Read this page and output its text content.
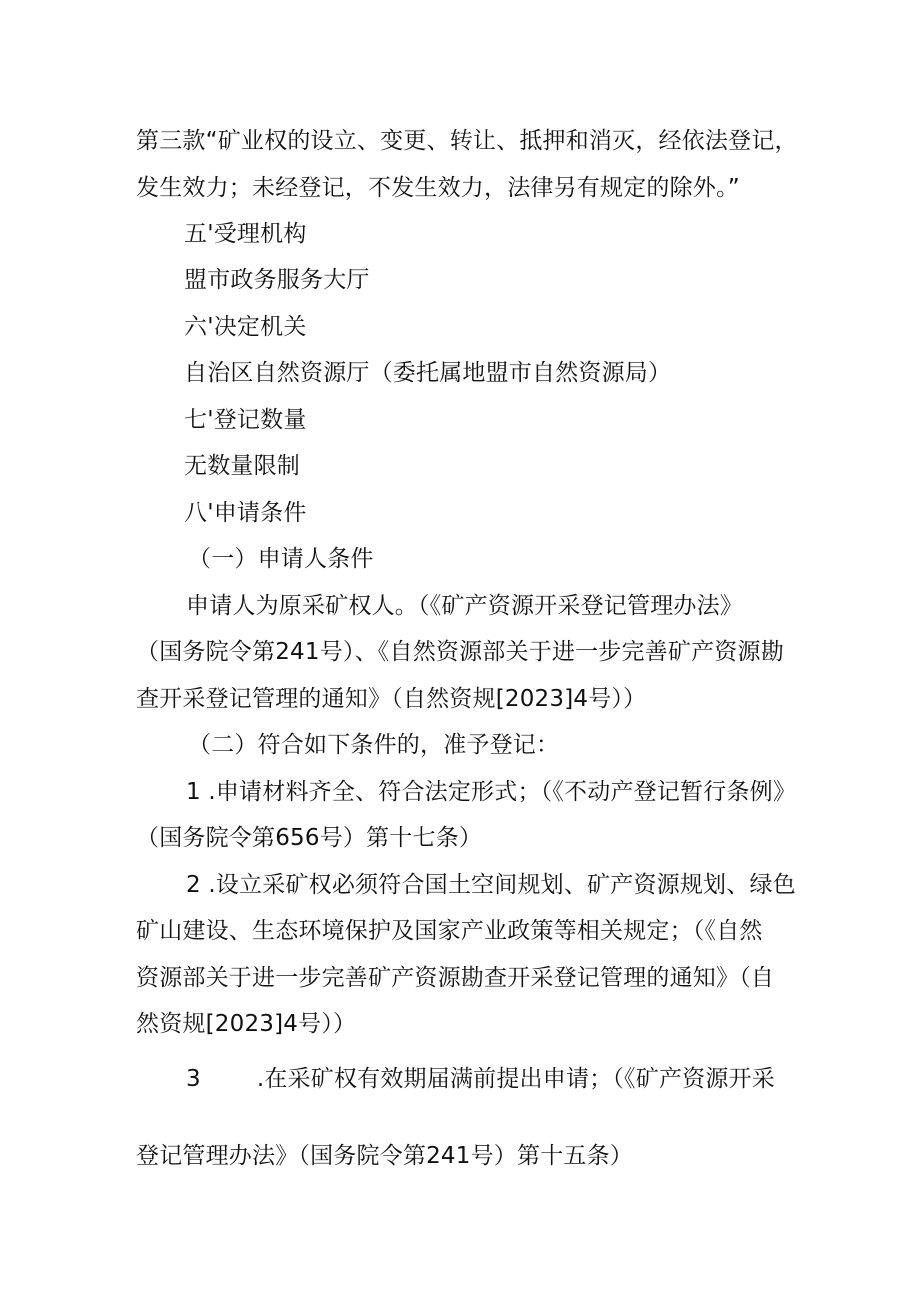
第三款“矿业权的设立、变更、转让、抵押和消灭，经依法登记，
发生效力；未经登记，不发生效力，法律另有规定的除外。”
五'受理机构
盟市政务服务大厅
六'决定机关
自治区自然资源厅（委托属地盟市自然资源局）
七'登记数量
无数量限制
八'申请条件
（一）申请人条件
申请人为原采矿权人。（《矿产资源开采登记管理办法》
（国务院令第241号）、《自然资源部关于进一步完善矿产资源勘
查开采登记管理的通知》（自然资规[2023]4号））
（二）符合如下条件的，准予登记：
1 .申请材料齐全、符合法定形式；（《不动产登记暂行条例》
（国务院令第656号）第十七条）
2 .设立采矿权必须符合国土空间规划、矿产资源规划、绿色
矿山建设、生态环境保护及国家产业政策等相关规定；（《自然
资源部关于进一步完善矿产资源勘查开采登记管理的通知》（自
然资规[2023]4号））
3 .在采矿权有效期届满前提出申请；（《矿产资源开采
登记管理办法》（国务院令第241号）第十五条）
